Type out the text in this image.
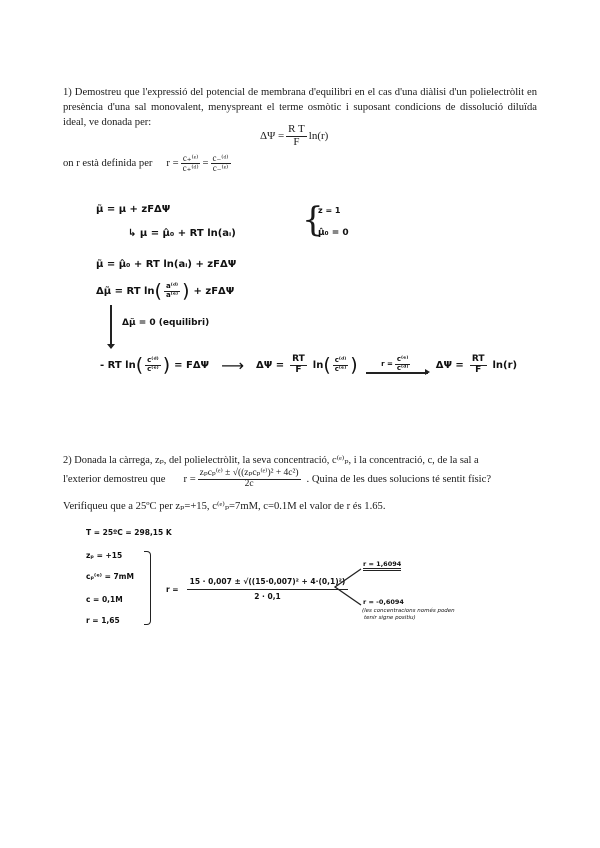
1) Demostreu que l'expressió del potencial de membrana d'equilibri en el cas d'una diàlisi d'un polielectròlit en presència d'una sal monovalent, menyspreant el terme osmòtic i suposant condicions de dissolució diluïda ideal, ve donada per:
$\Delta\Psi = \frac{\text{R T}}{F} \ln(r)$
on r està definida per $r = \frac{\text{c₊⁽ᵉ⁾}}{\text{c₊⁽ᵈ⁾}} = \frac{\text{c₋⁽ᵈ⁾}}{\text{c₋⁽ᵉ⁾}}$
μ̃ = μ + zFΔΨ
↳ μ = μ̂₀ + RT ln(aᵢ) {
z = 1
μ̂₀ = 0
μ̃ = μ̂₀ + RT ln(aᵢ) + zFΔΨ
Δμ̃ = RT ln ( $\frac{\text{a⁽ᵈ⁾}}{\text{a⁽ᵉ⁾}}$ ) + zFΔΨ
Δμ̃ = 0 (equilibri)
- RT ln ( $\frac{\text{c⁽ᵈ⁾}}{\text{c⁽ᵉ⁾}}$ ) = FΔΨ ⟶ $\Delta\Psi = \frac{RT}{F}$ ln ( $\frac{\text{c⁽ᵈ⁾}}{\text{c⁽ᵉ⁾}}$ )	$r = \frac{\text{c⁽ᵉ⁾}}{\text{c⁽ᵈ⁾}}$	$\Delta\Psi = \frac{RT}{F} \ln(r)$
2) Donada la càrrega, zₚ, del polielectròlit, la seva concentració, c⁽ᵉ⁾ₚ, i la concentració, c, de la sal a
l'exterior demostreu que $r = \frac{\text{zₚcₚ⁽ᵉ⁾ ± √((zₚcₚ⁽ᵉ⁾)² + 4c²)}}{2c}$ . Quina de les dues solucions té sentit físic?
Verifiqueu que a 25ºC per zₚ=+15, c⁽ᵉ⁾ₚ=7mM, c=0.1M el valor de r és 1.65.
T = 25ºC = 298,15 K
zₚ = +15
cₚ⁽ᵉ⁾ = 7mM
c = 0,1M
r = 1,65
$r = \frac{\text{15 · 0,007 ± √((15·0,007)² + 4·(0,1)²)}}{2 \cdot 0,1}$
r = 1,6094
r = -0,6094
(les concentracions només poden
tenir signe positiu)
